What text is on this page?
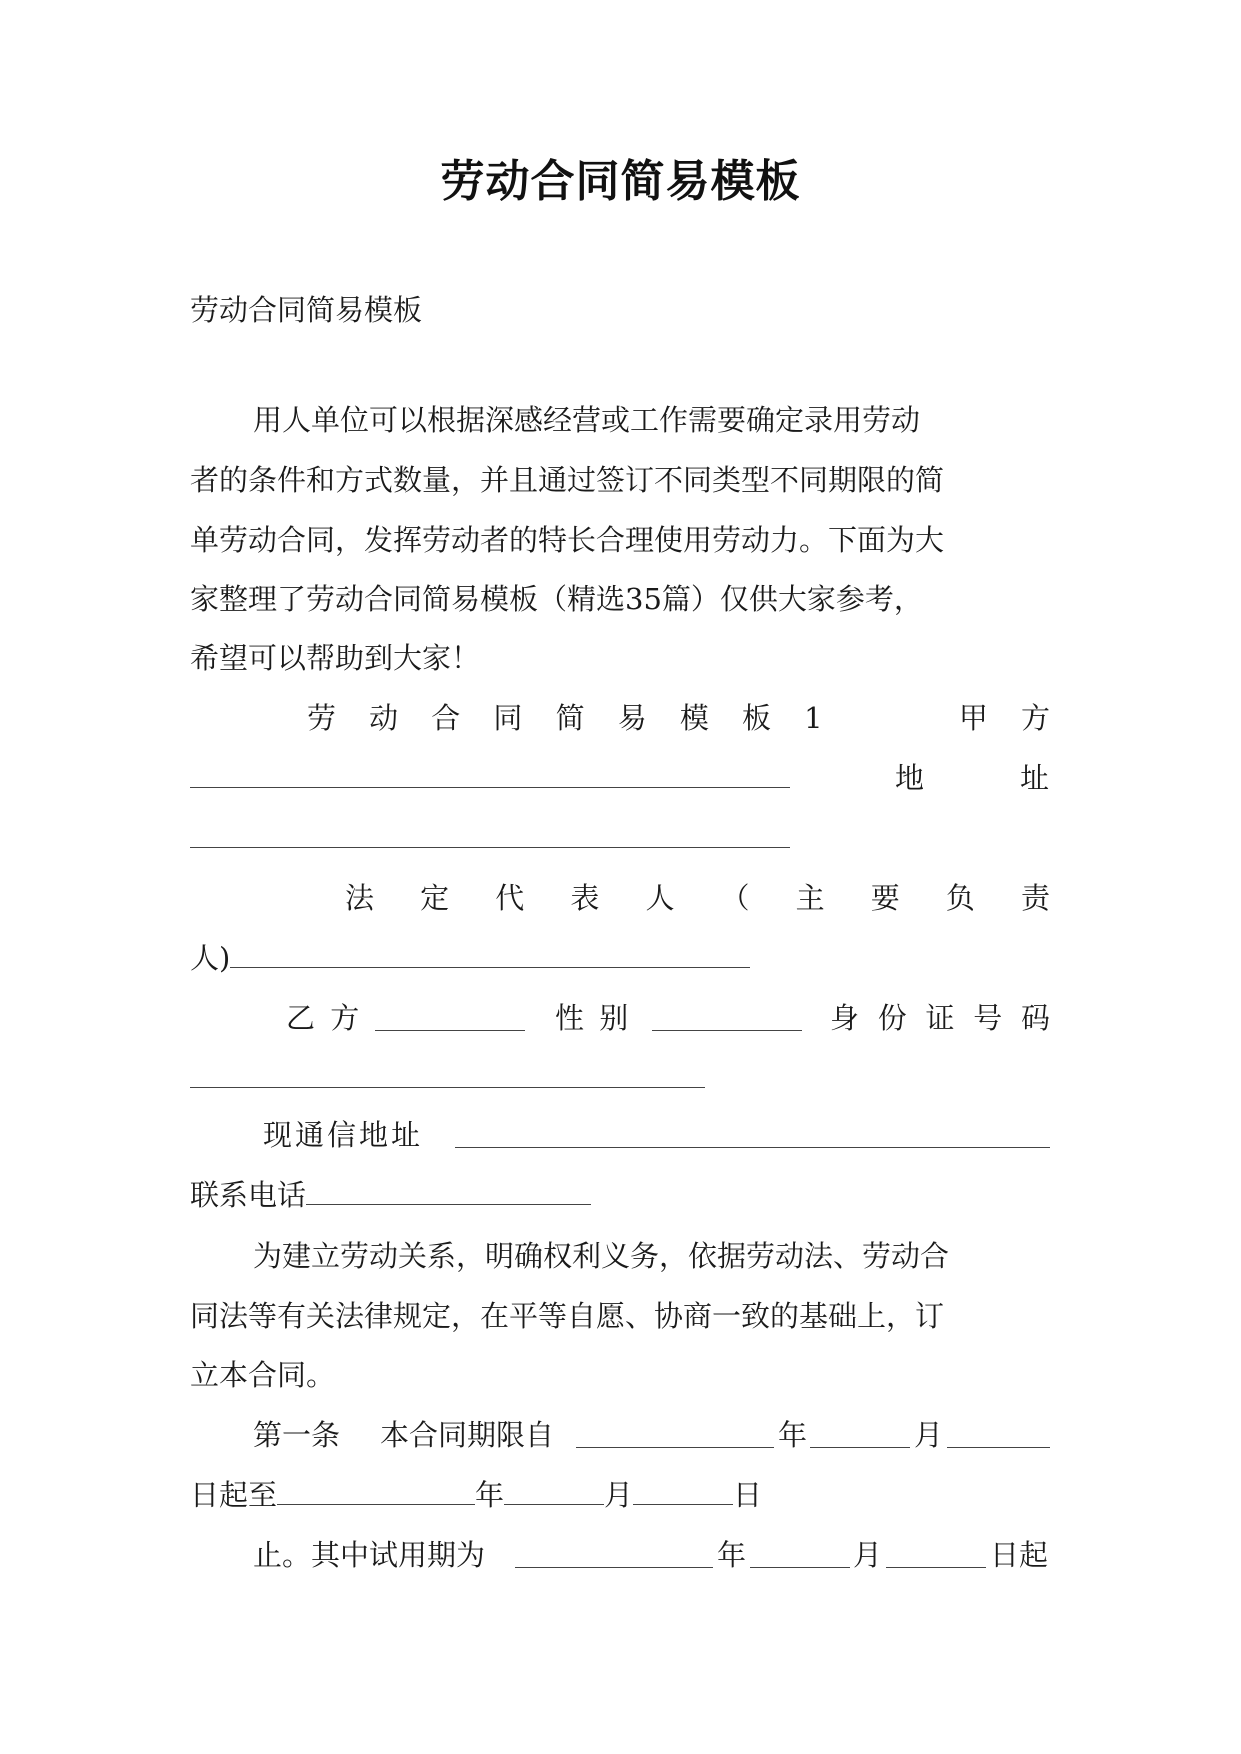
劳动合同简易模板
劳动合同简易模板
用人单位可以根据深感经营或工作需要确定录用劳动
者的条件和方式数量，并且通过签订不同类型不同期限的简
单劳动合同，发挥劳动者的特长合理使用劳动力。下面为大
家整理了劳动合同简易模板（精选35篇）仅供大家参考，
希望可以帮助到大家！
劳 动 合 同 简 易 模 板 1	甲 方
地	址
法 定 代 表 人 （ 主 要 负 责
人)
乙 方	性 别	身 份 证 号 码
现通信地址
联系电话
为建立劳动关系，明确权利义务，依据劳动法、劳动合
同法等有关法律规定，在平等自愿、协商一致的基础上，订
立本合同。
第一条 本合同期限自	年	月
日起至	年	月	日
止。其中试用期为	年	月	日起
